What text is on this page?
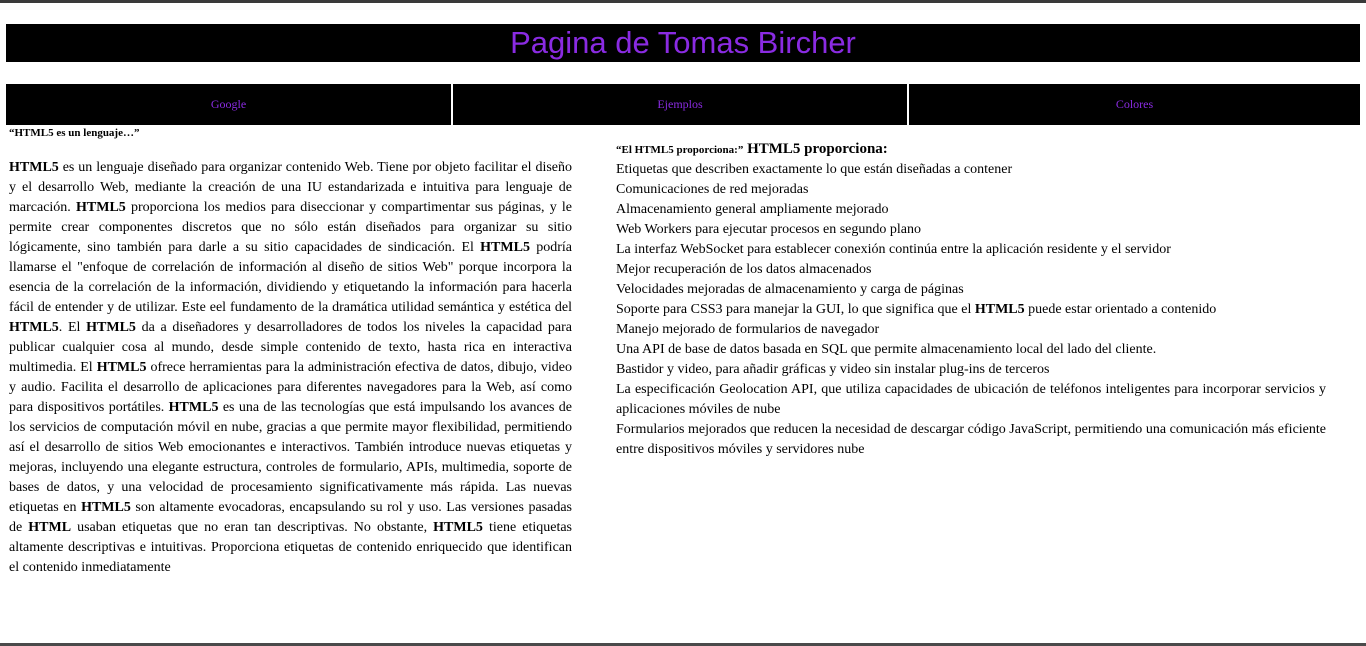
Pagina de Tomas Bircher
Google	Ejemplos	Colores
“HTML5 es un lenguaje…”

HTML5 es un lenguaje diseñado para organizar contenido Web. Tiene por objeto facilitar el diseño y el desarrollo Web, mediante la creación de una IU estandarizada e intuitiva para lenguaje de marcación. HTML5 proporciona los medios para diseccionar y compartimentar sus páginas, y le permite crear componentes discretos que no sólo están diseñados para organizar su sitio lógicamente, sino también para darle a su sitio capacidades de sindicación. El HTML5 podría llamarse el "enfoque de correlación de información al diseño de sitios Web" porque incorpora la esencia de la correlación de la información, dividiendo y etiquetando la información para hacerla fácil de entender y de utilizar. Este eel fundamento de la dramática utilidad semántica y estética del HTML5. El HTML5 da a diseñadores y desarrolladores de todos los niveles la capacidad para publicar cualquier cosa al mundo, desde simple contenido de texto, hasta rica en interactiva multimedia. El HTML5 ofrece herramientas para la administración efectiva de datos, dibujo, video y audio. Facilita el desarrollo de aplicaciones para diferentes navegadores para la Web, así como para dispositivos portátiles. HTML5 es una de las tecnologías que está impulsando los avances de los servicios de computación móvil en nube, gracias a que permite mayor flexibilidad, permitiendo así el desarrollo de sitios Web emocionantes e interactivos. También introduce nuevas etiquetas y mejoras, incluyendo una elegante estructura, controles de formulario, APIs, multimedia, soporte de bases de datos, y una velocidad de procesamiento significativamente más rápida. Las nuevas etiquetas en HTML5 son altamente evocadoras, encapsulando su rol y uso. Las versiones pasadas de HTML usaban etiquetas que no eran tan descriptivas. No obstante, HTML5 tiene etiquetas altamente descriptivas e intuitivas. Proporciona etiquetas de contenido enriquecido que identifican el contenido inmediatamente

“El HTML5 proporciona:” HTML5 proporciona:
Etiquetas que describen exactamente lo que están diseñadas a contener
Comunicaciones de red mejoradas
Almacenamiento general ampliamente mejorado
Web Workers para ejecutar procesos en segundo plano
La interfaz WebSocket para establecer conexión continúa entre la aplicación residente y el servidor
Mejor recuperación de los datos almacenados
Velocidades mejoradas de almacenamiento y carga de páginas
Soporte para CSS3 para manejar la GUI, lo que significa que el HTML5 puede estar orientado a contenido
Manejo mejorado de formularios de navegador
Una API de base de datos basada en SQL que permite almacenamiento local del lado del cliente.
Bastidor y video, para añadir gráficas y video sin instalar plug-ins de terceros
La especificación Geolocation API, que utiliza capacidades de ubicación de teléfonos inteligentes para incorporar servicios y aplicaciones móviles de nube
Formularios mejorados que reducen la necesidad de descargar código JavaScript, permitiendo una comunicación más eficiente entre dispositivos móviles y servidores nube
